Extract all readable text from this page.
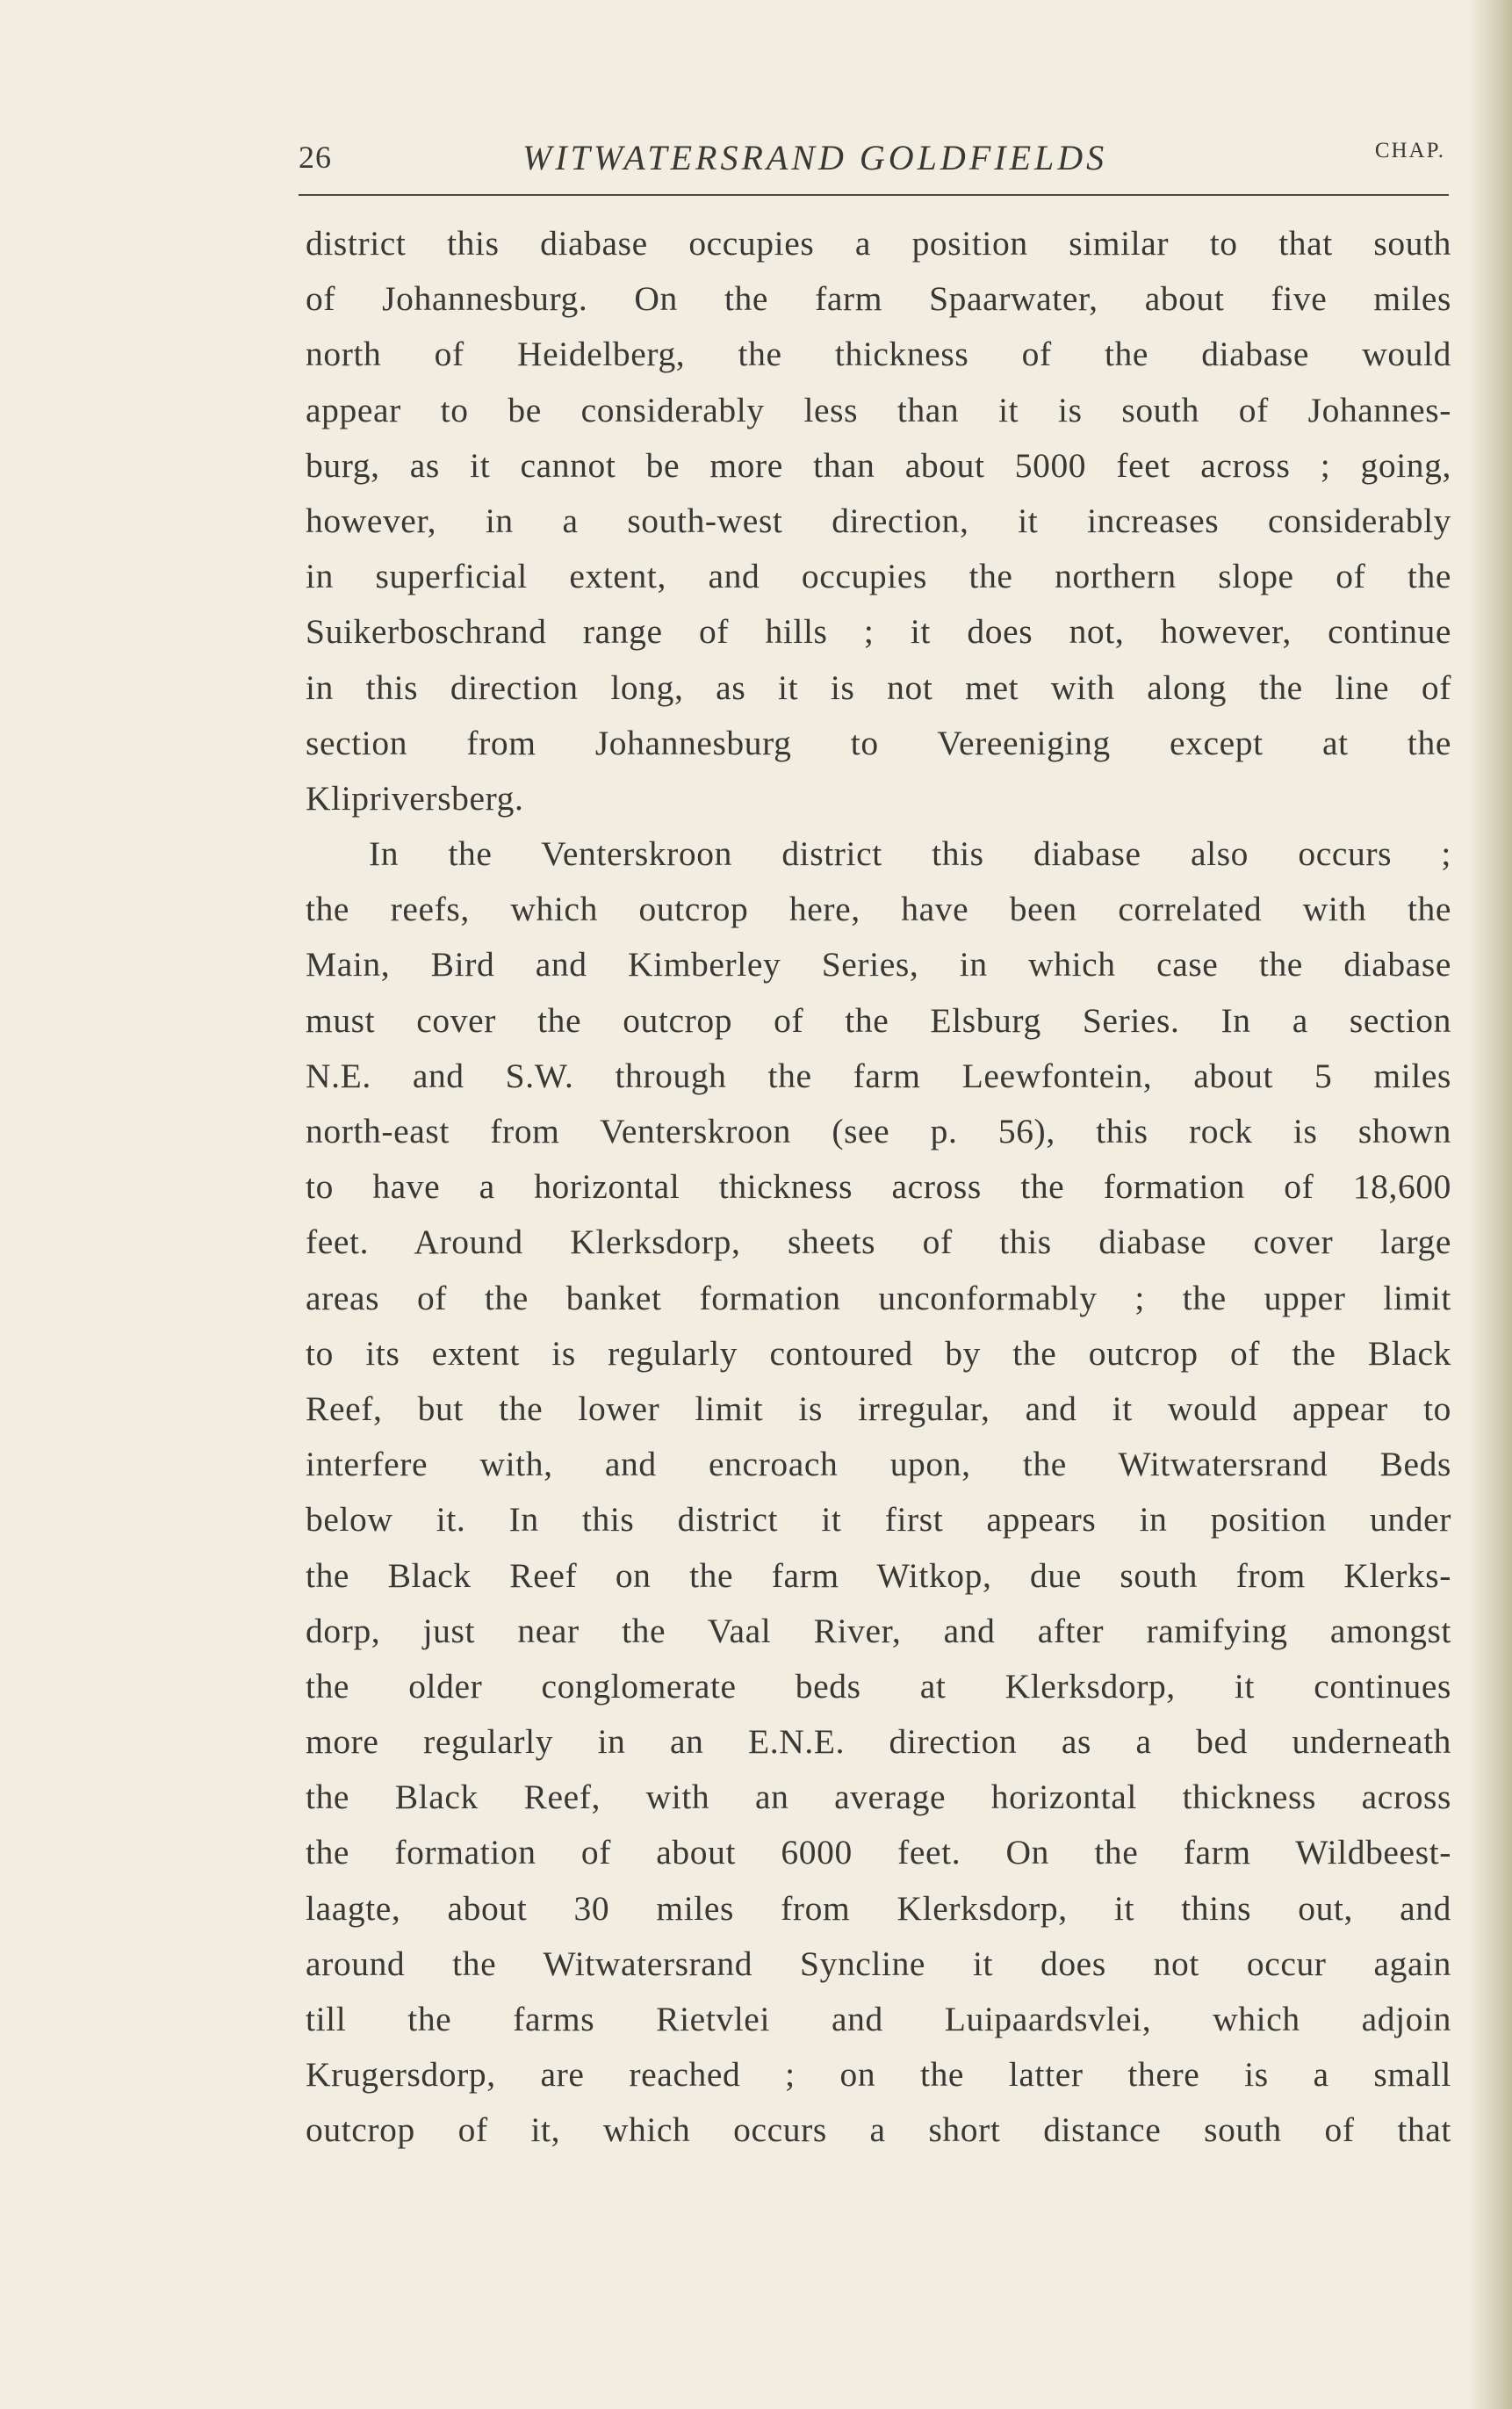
26	WITWATERSRAND GOLDFIELDS	CHAP.
district this diabase occupies a position similar to that south
of Johannesburg. On the farm Spaarwater, about five miles
north of Heidelberg, the thickness of the diabase would
appear to be considerably less than it is south of Johannes-
burg, as it cannot be more than about 5000 feet across ; going,
however, in a south-west direction, it increases considerably
in superficial extent, and occupies the northern slope of the
Suikerboschrand range of hills ; it does not, however, continue
in this direction long, as it is not met with along the line of
section from Johannesburg to Vereeniging except at the
Klipriversberg.
In the Venterskroon district this diabase also occurs ;
the reefs, which outcrop here, have been correlated with the
Main, Bird and Kimberley Series, in which case the diabase
must cover the outcrop of the Elsburg Series. In a section
N.E. and S.W. through the farm Leewfontein, about 5 miles
north-east from Venterskroon (see p. 56), this rock is shown
to have a horizontal thickness across the formation of 18,600
feet. Around Klerksdorp, sheets of this diabase cover large
areas of the banket formation unconformably ; the upper limit
to its extent is regularly contoured by the outcrop of the Black
Reef, but the lower limit is irregular, and it would appear to
interfere with, and encroach upon, the Witwatersrand Beds
below it. In this district it first appears in position under
the Black Reef on the farm Witkop, due south from Klerks-
dorp, just near the Vaal River, and after ramifying amongst
the older conglomerate beds at Klerksdorp, it continues
more regularly in an E.N.E. direction as a bed underneath
the Black Reef, with an average horizontal thickness across
the formation of about 6000 feet. On the farm Wildbeest-
laagte, about 30 miles from Klerksdorp, it thins out, and
around the Witwatersrand Syncline it does not occur again
till the farms Rietvlei and Luipaardsvlei, which adjoin
Krugersdorp, are reached ; on the latter there is a small
outcrop of it, which occurs a short distance south of that
